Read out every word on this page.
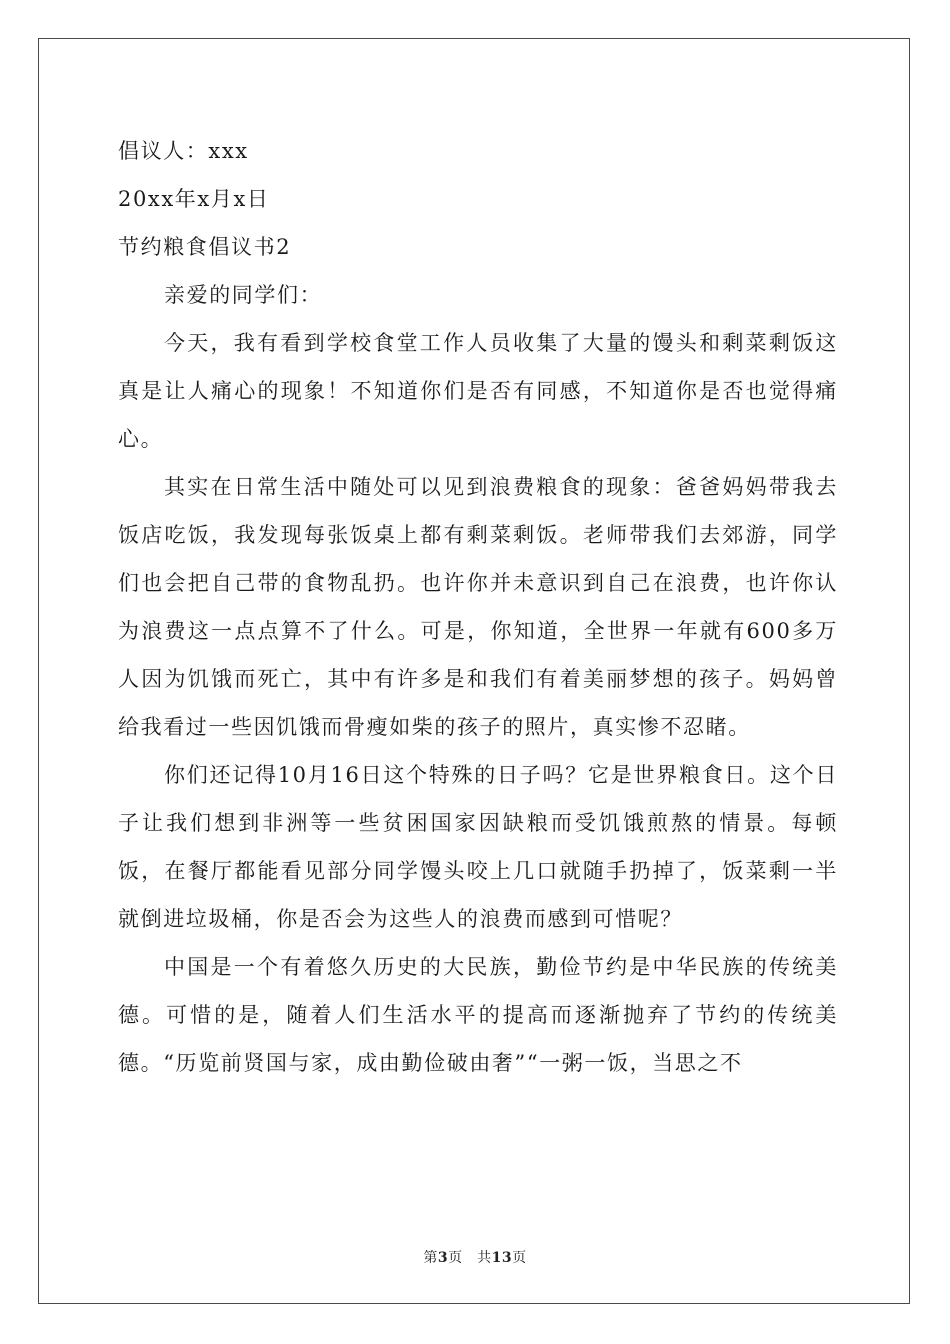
倡议人：xxx

20xx年x月x日

节约粮食倡议书2

亲爱的同学们：

今天，我有看到学校食堂工作人员收集了大量的馒头和剩菜剩饭这真是让人痛心的现象！不知道你们是否有同感，不知道你是否也觉得痛心。

其实在日常生活中随处可以见到浪费粮食的现象：爸爸妈妈带我去饭店吃饭，我发现每张饭桌上都有剩菜剩饭。老师带我们去郊游，同学们也会把自己带的食物乱扔。也许你并未意识到自己在浪费，也许你认为浪费这一点点算不了什么。可是，你知道，全世界一年就有600多万人因为饥饿而死亡，其中有许多是和我们有着美丽梦想的孩子。妈妈曾给我看过一些因饥饿而骨瘦如柴的孩子的照片，真实惨不忍睹。

你们还记得10月16日这个特殊的日子吗？它是世界粮食日。这个日子让我们想到非洲等一些贫困国家因缺粮而受饥饿煎熬的情景。每顿饭，在餐厅都能看见部分同学馒头咬上几口就随手扔掉了，饭菜剩一半就倒进垃圾桶，你是否会为这些人的浪费而感到可惜呢？

中国是一个有着悠久历史的大民族，勤俭节约是中华民族的传统美德。可惜的是，随着人们生活水平的提高而逐渐抛弃了节约的传统美德。“历览前贤国与家，成由勤俭破由奢”“一粥一饭，当思之不

第3页　共13页
